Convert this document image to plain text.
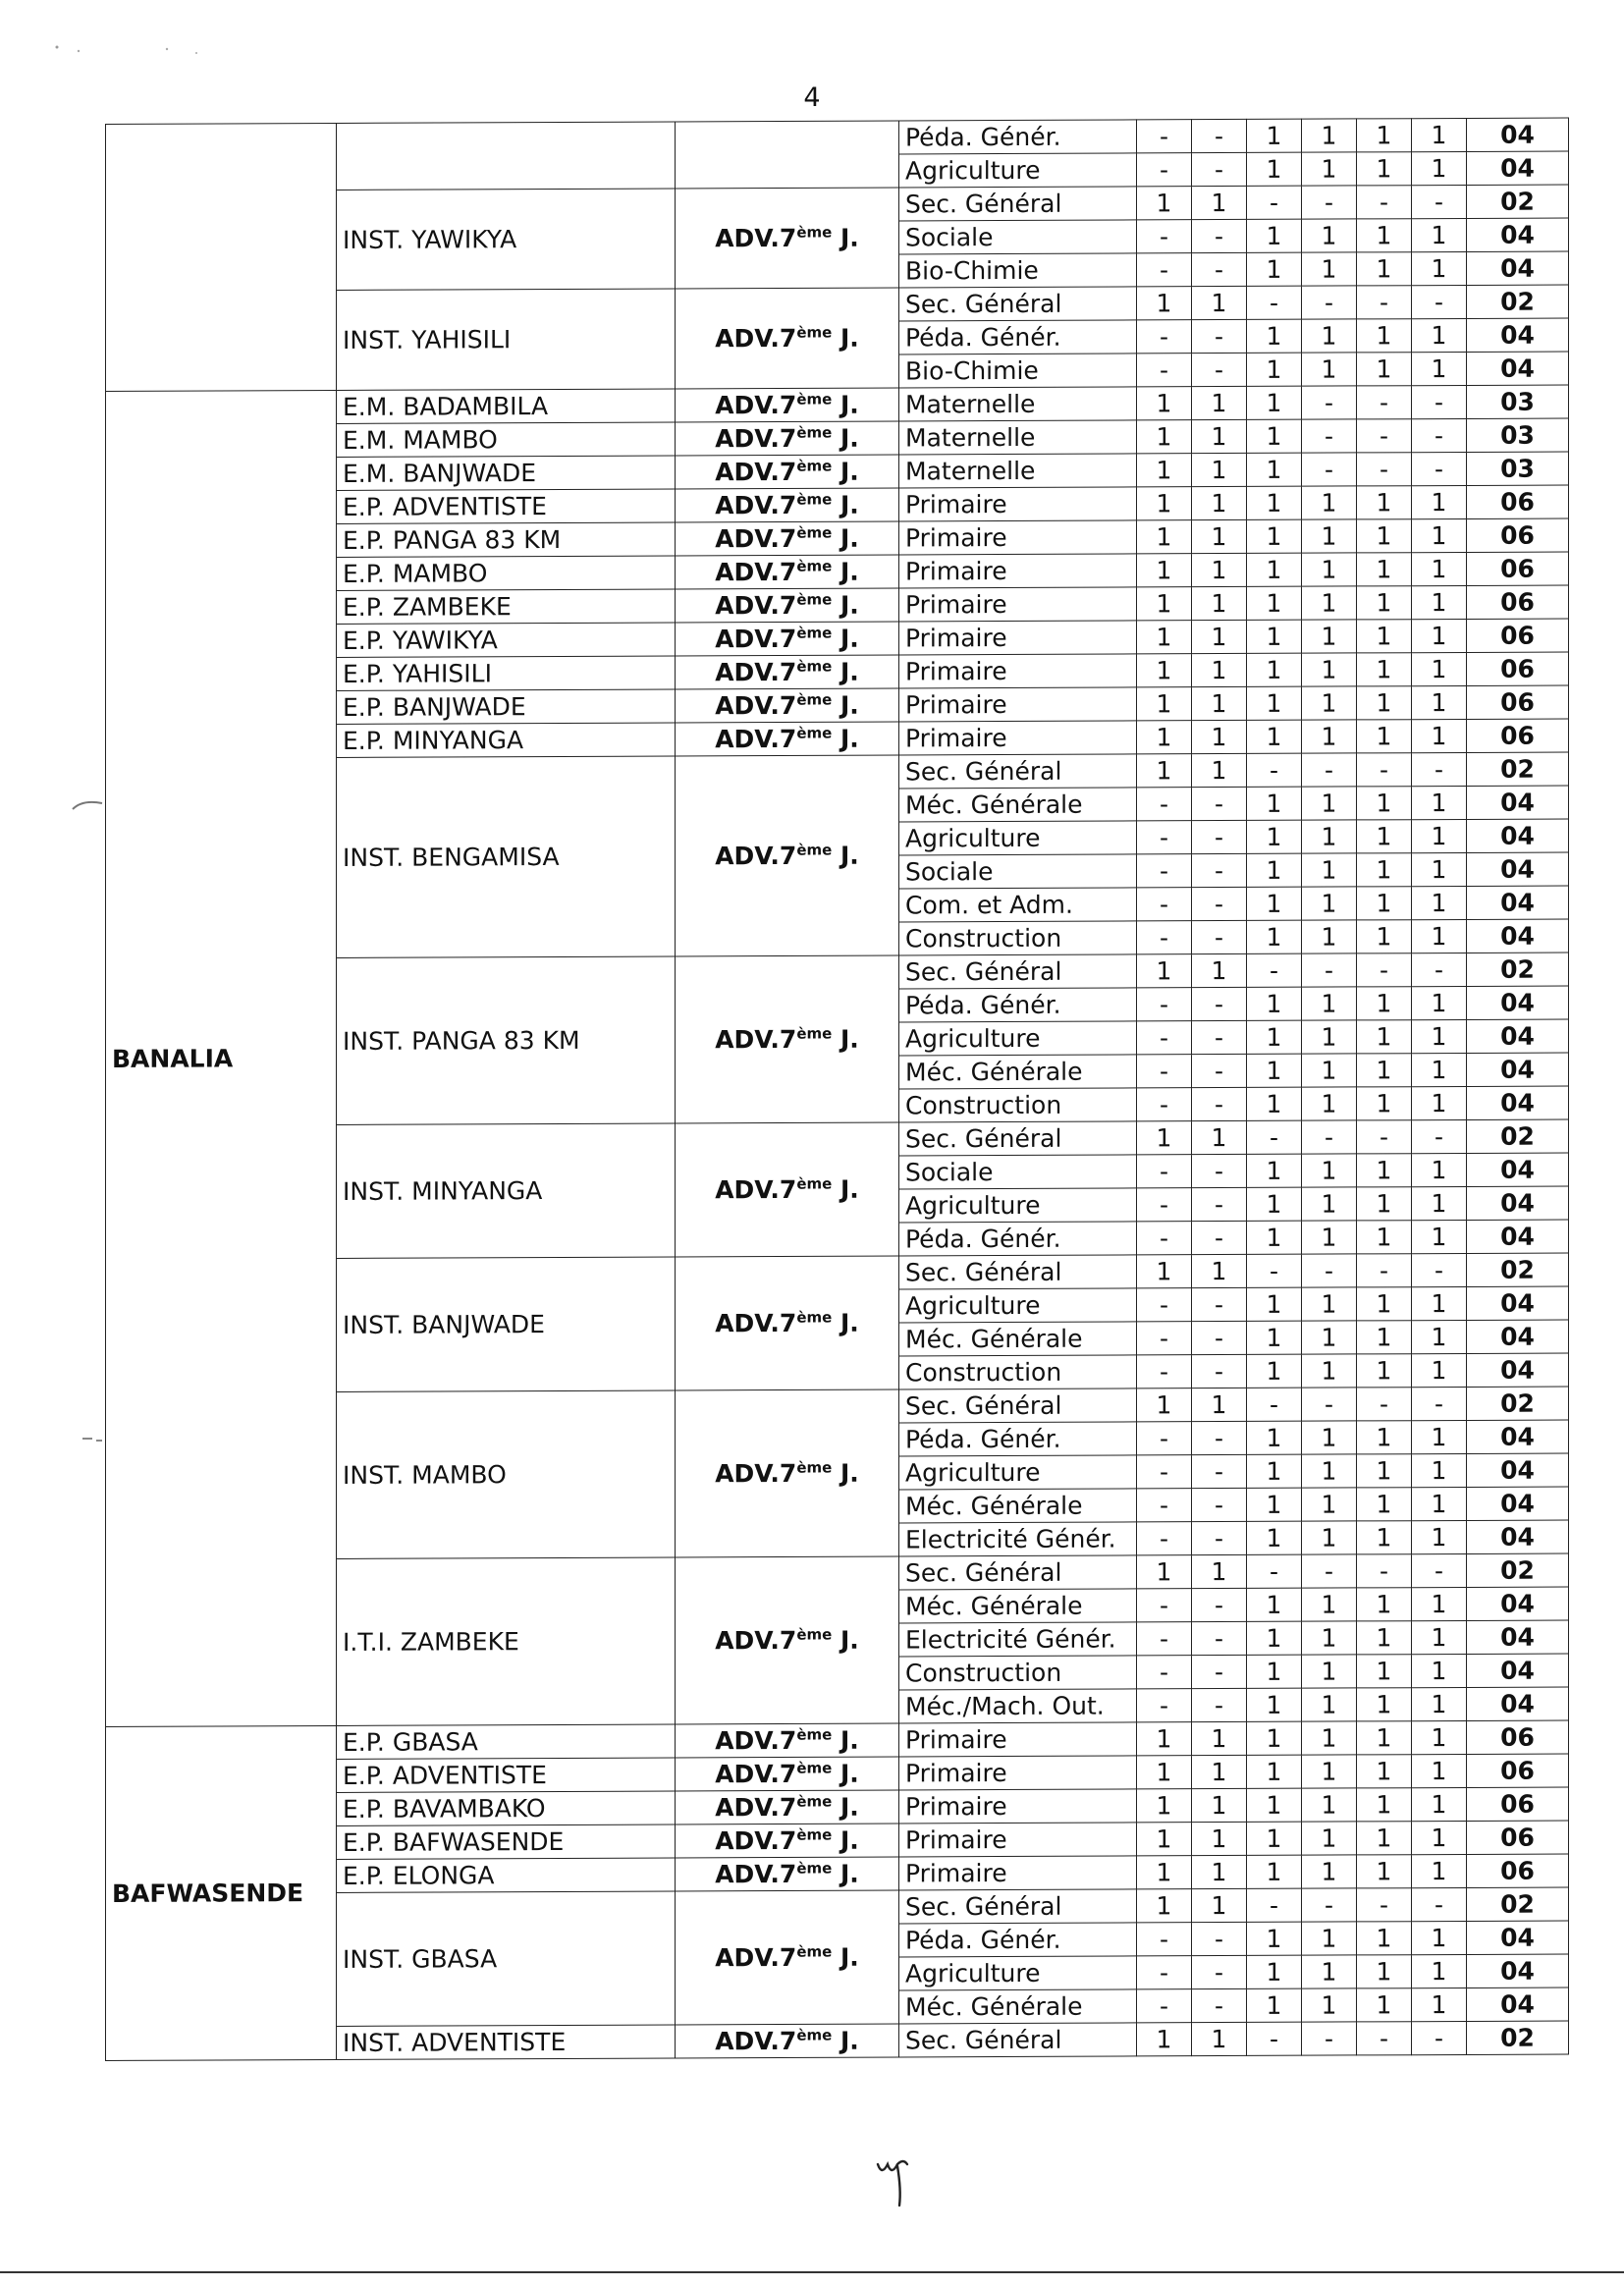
4
			Péda. Génér.	-	-	1	1	1	1	04
			Agriculture	-	-	1	1	1	1	04
	INST. YAWIKYA	ADV.7ème J.	Sec. Général	1	1	-	-	-	-	02
			Sociale	-	-	1	1	1	1	04
			Bio-Chimie	-	-	1	1	1	1	04
	INST. YAHISILI	ADV.7ème J.	Sec. Général	1	1	-	-	-	-	02
			Péda. Génér.	-	-	1	1	1	1	04
			Bio-Chimie	-	-	1	1	1	1	04
BANALIA	E.M. BADAMBILA	ADV.7ème J.	Maternelle	1	1	1	-	-	-	03
	E.M. MAMBO	ADV.7ème J.	Maternelle	1	1	1	-	-	-	03
	E.M. BANJWADE	ADV.7ème J.	Maternelle	1	1	1	-	-	-	03
	E.P. ADVENTISTE	ADV.7ème J.	Primaire	1	1	1	1	1	1	06
	E.P. PANGA 83 KM	ADV.7ème J.	Primaire	1	1	1	1	1	1	06
	E.P. MAMBO	ADV.7ème J.	Primaire	1	1	1	1	1	1	06
	E.P. ZAMBEKE	ADV.7ème J.	Primaire	1	1	1	1	1	1	06
	E.P. YAWIKYA	ADV.7ème J.	Primaire	1	1	1	1	1	1	06
	E.P. YAHISILI	ADV.7ème J.	Primaire	1	1	1	1	1	1	06
	E.P. BANJWADE	ADV.7ème J.	Primaire	1	1	1	1	1	1	06
	E.P. MINYANGA	ADV.7ème J.	Primaire	1	1	1	1	1	1	06
	INST. BENGAMISA	ADV.7ème J.	Sec. Général	1	1	-	-	-	-	02
			Méc. Générale	-	-	1	1	1	1	04
			Agriculture	-	-	1	1	1	1	04
			Sociale	-	-	1	1	1	1	04
			Com. et Adm.	-	-	1	1	1	1	04
			Construction	-	-	1	1	1	1	04
	INST. PANGA 83 KM	ADV.7ème J.	Sec. Général	1	1	-	-	-	-	02
			Péda. Génér.	-	-	1	1	1	1	04
			Agriculture	-	-	1	1	1	1	04
			Méc. Générale	-	-	1	1	1	1	04
			Construction	-	-	1	1	1	1	04
	INST. MINYANGA	ADV.7ème J.	Sec. Général	1	1	-	-	-	-	02
			Sociale	-	-	1	1	1	1	04
			Agriculture	-	-	1	1	1	1	04
			Péda. Génér.	-	-	1	1	1	1	04
	INST. BANJWADE	ADV.7ème J.	Sec. Général	1	1	-	-	-	-	02
			Agriculture	-	-	1	1	1	1	04
			Méc. Générale	-	-	1	1	1	1	04
			Construction	-	-	1	1	1	1	04
	INST. MAMBO	ADV.7ème J.	Sec. Général	1	1	-	-	-	-	02
			Péda. Génér.	-	-	1	1	1	1	04
			Agriculture	-	-	1	1	1	1	04
			Méc. Générale	-	-	1	1	1	1	04
			Electricité Génér.	-	-	1	1	1	1	04
	I.T.I. ZAMBEKE	ADV.7ème J.	Sec. Général	1	1	-	-	-	-	02
			Méc. Générale	-	-	1	1	1	1	04
			Electricité Génér.	-	-	1	1	1	1	04
			Construction	-	-	1	1	1	1	04
			Méc./Mach. Out.	-	-	1	1	1	1	04
BAFWASENDE	E.P. GBASA	ADV.7ème J.	Primaire	1	1	1	1	1	1	06
	E.P. ADVENTISTE	ADV.7ème J.	Primaire	1	1	1	1	1	1	06
	E.P. BAVAMBAKO	ADV.7ème J.	Primaire	1	1	1	1	1	1	06
	E.P. BAFWASENDE	ADV.7ème J.	Primaire	1	1	1	1	1	1	06
	E.P. ELONGA	ADV.7ème J.	Primaire	1	1	1	1	1	1	06
	INST. GBASA	ADV.7ème J.	Sec. Général	1	1	-	-	-	-	02
			Péda. Génér.	-	-	1	1	1	1	04
			Agriculture	-	-	1	1	1	1	04
			Méc. Générale	-	-	1	1	1	1	04
	INST. ADVENTISTE	ADV.7ème J.	Sec. Général	1	1	-	-	-	-	02
